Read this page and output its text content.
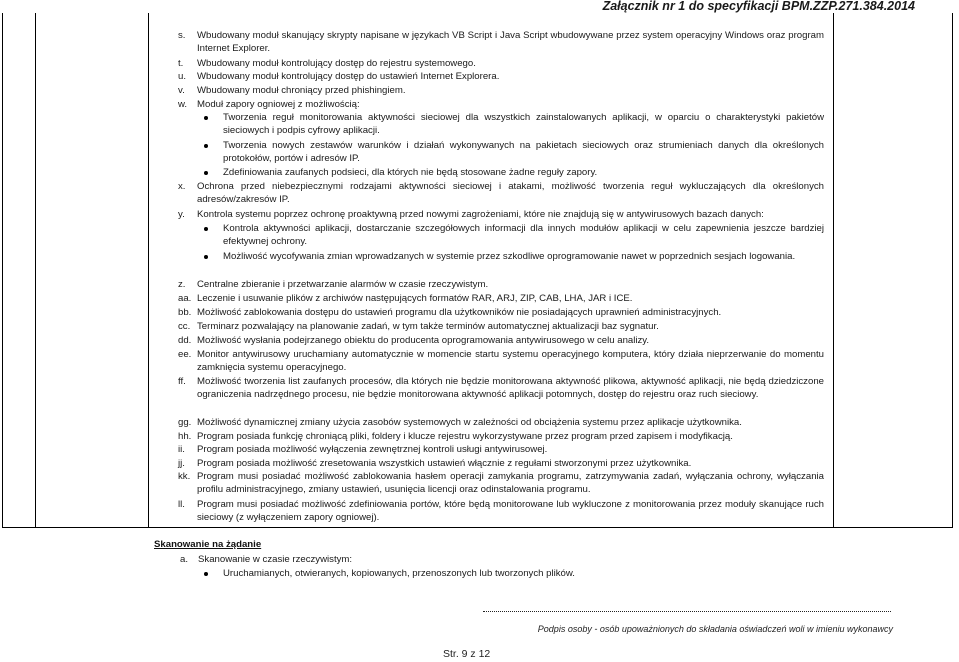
Załącznik nr 1 do specyfikacji BPM.ZZP.271.384.2014
s. Wbudowany moduł skanujący skrypty napisane w językach VB Script i Java Script wbudowywane przez system operacyjny Windows oraz program Internet Explorer.
t. Wbudowany moduł kontrolujący dostęp do rejestru systemowego.
u. Wbudowany moduł kontrolujący dostęp do ustawień Internet Explorera.
v. Wbudowany moduł chroniący przed phishingiem.
w. Moduł zapory ogniowej z możliwością:
Tworzenia reguł monitorowania aktywności sieciowej dla wszystkich zainstalowanych aplikacji, w oparciu o charakterystyki pakietów sieciowych i podpis cyfrowy aplikacji.
Tworzenia nowych zestawów warunków i działań wykonywanych na pakietach sieciowych oraz strumieniach danych dla określonych protokołów, portów i adresów IP.
Zdefiniowania zaufanych podsieci, dla których nie będą stosowane żadne reguły zapory.
x. Ochrona przed niebezpiecznymi rodzajami aktywności sieciowej i atakami, możliwość tworzenia reguł wykluczających dla określonych adresów/zakresów IP.
y. Kontrola systemu poprzez ochronę proaktywną przed nowymi zagrożeniami, które nie znajdują się w antywirusowych bazach danych:
Kontrola aktywności aplikacji, dostarczanie szczegółowych informacji dla innych modułów aplikacji w celu zapewnienia jeszcze bardziej efektywnej ochrony.
Możliwość wycofywania zmian wprowadzanych w systemie przez szkodliwe oprogramowanie nawet w poprzednich sesjach logowania.
z. Centralne zbieranie i przetwarzanie alarmów w czasie rzeczywistym.
aa. Leczenie i usuwanie plików z archiwów następujących formatów RAR, ARJ, ZIP, CAB, LHA, JAR i ICE.
bb. Możliwość zablokowania dostępu do ustawień programu dla użytkowników nie posiadających uprawnień administracyjnych.
cc. Terminarz pozwalający na planowanie zadań, w tym także terminów automatycznej aktualizacji baz sygnatur.
dd. Możliwość wysłania podejrzanego obiektu do producenta oprogramowania antywirusowego w celu analizy.
ee. Monitor antywirusowy uruchamiany automatycznie w momencie startu systemu operacyjnego komputera, który działa nieprzerwanie do momentu zamknięcia systemu operacyjnego.
ff. Możliwość tworzenia list zaufanych procesów, dla których nie będzie monitorowana aktywność plikowa, aktywność aplikacji, nie będą dziedziczone ograniczenia nadrzędnego procesu, nie będzie monitorowana aktywność aplikacji potomnych, dostęp do rejestru oraz ruch sieciowy.
gg. Możliwość dynamicznej zmiany użycia zasobów systemowych w zależności od obciążenia systemu przez aplikacje użytkownika.
hh. Program posiada funkcję chroniącą pliki, foldery i klucze rejestru wykorzystywane przez program przed zapisem i modyfikacją.
ii. Program posiada możliwość wyłączenia zewnętrznej kontroli usługi antywirusowej.
jj. Program posiada możliwość zresetowania wszystkich ustawień włącznie z regułami stworzonymi przez użytkownika.
kk. Program musi posiadać możliwość zablokowania hasłem operacji zamykania programu, zatrzymywania zadań, wyłączania ochrony, wyłączania profilu administracyjnego, zmiany ustawień, usunięcia licencji oraz odinstalowania programu.
ll. Program musi posiadać możliwość zdefiniowania portów, które będą monitorowane lub wykluczone z monitorowania przez moduły skanujące ruch sieciowy (z wyłączeniem zapory ogniowej).
Skanowanie na żądanie
a. Skanowanie w czasie rzeczywistym:
Uruchamianych, otwieranych, kopiowanych, przenoszonych lub tworzonych plików.
Podpis osoby - osób upoważnionych do składania oświadczeń woli w imieniu wykonawcy
Str. 9 z 12
